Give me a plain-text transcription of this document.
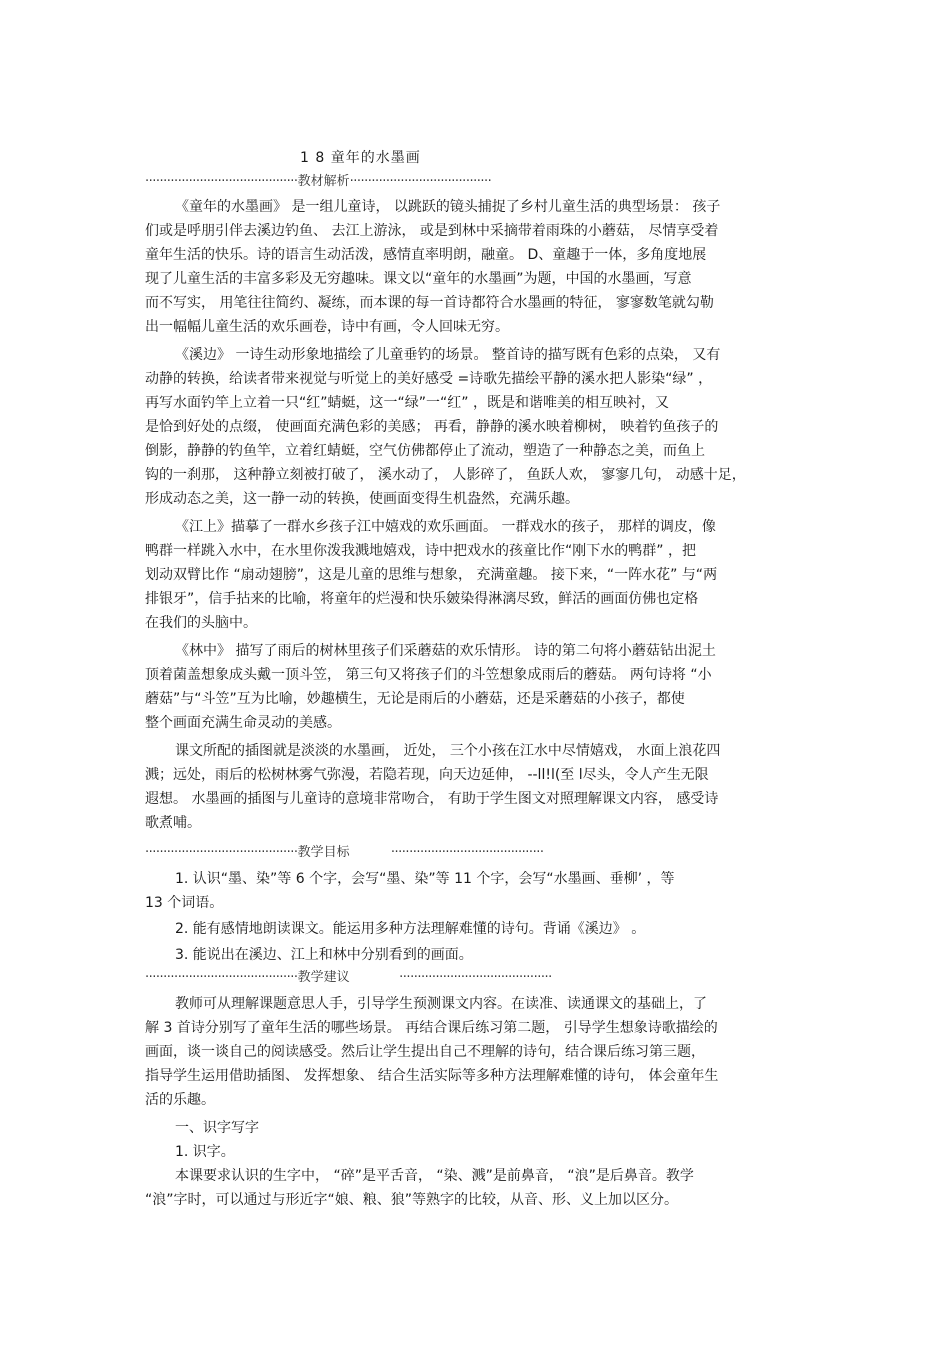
1 8 童年的水墨画
··········································教材解析·······································
《童年的水墨画》 是一组儿童诗， 以跳跃的镜头捕捉了乡村儿童生活的典型场景： 孩子
们或是呼朋引伴去溪边钓鱼、 去江上游泳， 或是到林中采摘带着雨珠的小蘑菇， 尽情享受着
童年生活的快乐。诗的语言生动活泼，感情直率明朗，融童。 D、童趣于一体，多角度地展
现了儿童生活的丰富多彩及无穷趣味。课文以“童年的水墨画”为题，中国的水墨画，写意
而不写实， 用笔往往简约、凝练，而本课的每一首诗都符合水墨画的特征， 寥寥数笔就勾勒
出一幅幅儿童生活的欢乐画卷，诗中有画，令人回味无穷。
《溪边》 一诗生动形象地描绘了儿童垂钓的场景。 整首诗的描写既有色彩的点染， 又有
动静的转换，给读者带来视觉与听觉上的美好感受 =诗歌先描绘平静的溪水把人影染“绿” ，
再写水面钓竿上立着一只“红”蜻蜓，这一“绿”一“红” ，既是和谐唯美的相互映衬，又
是恰到好处的点缀， 使画面充满色彩的美感； 再看，静静的溪水映着柳树， 映着钓鱼孩子的
倒影，静静的钓鱼竿，立着红蜻蜓，空气仿佛都停止了流动，塑造了一种静态之美，而鱼上
钩的一刹那， 这种静立刻被打破了， 溪水动了， 人影碎了， 鱼跃人欢， 寥寥几句， 动感十足，
形成动态之美，这一静一动的转换，使画面变得生机盎然，充满乐趣。
《江上》描摹了一群水乡孩子江中嬉戏的欢乐画面。 一群戏水的孩子， 那样的调皮，像
鸭群一样跳入水中，在水里你泼我溅地嬉戏，诗中把戏水的孩童比作“刚下水的鸭群” ，把
划动双臂比作 “扇动翅膀”，这是儿童的思维与想象， 充满童趣。 接下来，“一阵水花” 与“两
排银牙”，信手拈来的比喻，将童年的烂漫和快乐皴染得淋漓尽致，鲜活的画面仿佛也定格
在我们的头脑中。
《林中》 描写了雨后的树林里孩子们采蘑菇的欢乐情形。 诗的第二句将小蘑菇钻出泥土
顶着菌盖想象成头戴一顶斗笠， 第三句又将孩子们的斗笠想象成雨后的蘑菇。 两句诗将 “小
蘑菇”与“斗笠”互为比喻，妙趣横生，无论是雨后的小蘑菇，还是采蘑菇的小孩子，都使
整个画面充满生命灵动的美感。
课文所配的插图就是淡淡的水墨画， 近处， 三个小孩在江水中尽情嬉戏， 水面上浪花四
溅；远处，雨后的松树林雾气弥漫，若隐若现，向天边延伸， --ll!l(至 l尽头，令人产生无限
遐想。 水墨画的插图与儿童诗的意境非常吻合， 有助于学生图文对照理解课文内容， 感受诗
歌煮哺。
··········································教学目标	··········································
1. 认识“墨、染”等 6 个字，会写“墨、染”等 11 个字，会写“水墨画、垂柳’ ，等
13 个词语。
2. 能有感情地朗读课文。能运用多种方法理解难懂的诗句。背诵《溪边》 。
3. 能说出在溪边、江上和林中分别看到的画面。
··········································教学建议	··········································
教师可从理解课题意思人手，引导学生预测课文内容。在读准、读通课文的基础上，了
解 3 首诗分别写了童年生活的哪些场景。 再结合课后练习第二题， 引导学生想象诗歌描绘的
画面，谈一谈自己的阅读感受。然后让学生提出自己不理解的诗句，结合课后练习第三题，
指导学生运用借助插图、 发挥想象、 结合生活实际等多种方法理解难懂的诗句， 体会童年生
活的乐趣。
一、识字写字
1. 识字。
本课要求认识的生字中， “碎”是平舌音， “染、溅”是前鼻音， “浪”是后鼻音。教学
“浪”字时，可以通过与形近字“娘、粮、狼”等熟字的比较，从音、形、义上加以区分。
